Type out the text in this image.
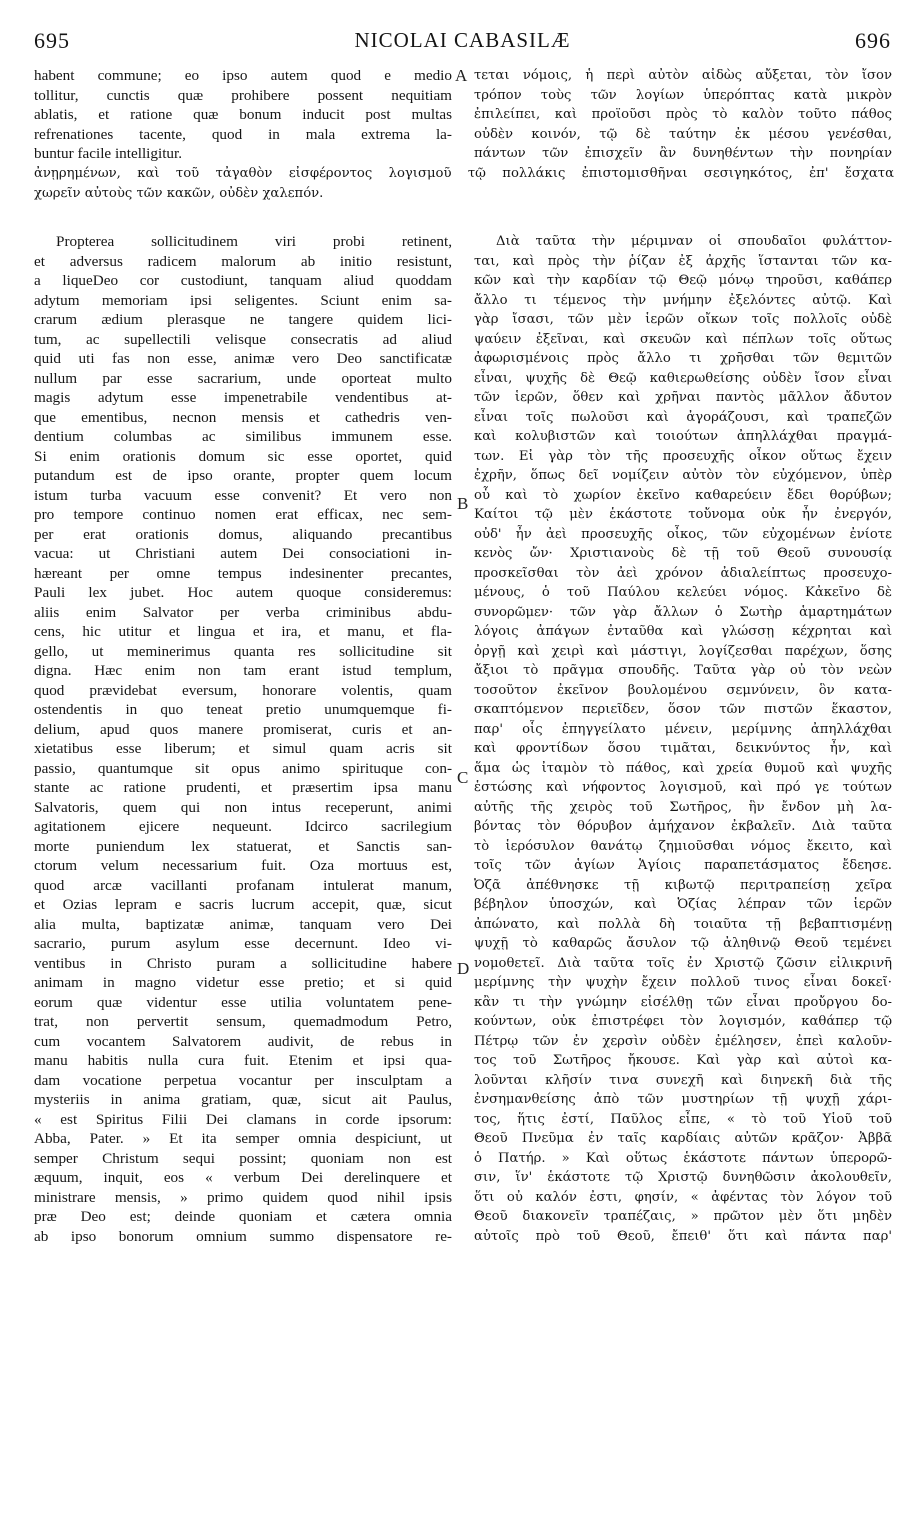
695	NICOLAI CABASILÆ	696
habent commune; eo ipso autem quod e medio
tollitur, cunctis quæ prohibere possent nequitiam
ablatis, et ratione quæ bonum inducit post multas
refrenationes tacente, quod in mala extrema la-
buntur facile intelligitur.
τεται νόμοις, ἡ περὶ αὐτὸν αἰδὼς αὔξεται, τὸν ἴσον
τρόπον τοὺς τῶν λογίων ὑπερόπτας κατὰ μικρὸν
ἐπιλείπει, καὶ προϊοῦσι πρὸς τὸ καλὸν τοῦτο πάθος
οὐδὲν κοινόν, τῷ δὲ ταύτην ἐκ μέσου γενέσθαι,
πάντων τῶν ἐπισχεῖν ἂν δυνηθέντων τὴν πονηρίαν
ἀνῃρημένων, καὶ τοῦ τἀγαθὸν εἰσφέροντος λογισμοῦ τῷ πολλάκις ἐπιστομισθῆναι σεσιγηκότος, ἐπ' ἔσχατα
χωρεῖν αὐτοὺς τῶν κακῶν, οὐδὲν χαλεπόν.
Propterea sollicitudinem viri probi retinent,
et adversus radicem malorum ab initio resistunt,
a liqueDeo cor custodiunt, tanquam aliud quoddam
adytum memoriam ipsi seligentes. Sciunt enim sa-
crarum ædium plerasque ne tangere quidem lici-
tum, ac supellectili velisque consecratis ad aliud
quid uti fas non esse, animæ vero Deo sanctificatæ
nullum par esse sacrarium, unde oporteat multo
magis adytum esse impenetrabile vendentibus at-
que ementibus, necnon mensis et cathedris ven-
dentium columbas ac similibus immunem esse.
Si enim orationis domum sic esse oportet, quid
putandum est de ipso orante, propter quem locum
istum turba vacuum esse convenit? Et vero non
pro tempore continuo nomen erat efficax, nec sem-
per erat orationis domus, aliquando precantibus
vacua: ut Christiani autem Dei consociationi in-
hæreant per omne tempus indesinenter precantes,
Pauli lex jubet. Hoc autem quoque consideremus:
aliis enim Salvator per verba criminibus abdu-
cens, hic utitur et lingua et ira, et manu, et fla-
gello, ut meminerimus quanta res sollicitudine sit
digna. Hæc enim non tam erant istud templum,
quod prævidebat eversum, honorare volentis, quam
ostendentis in quo teneat pretio unumquemque fi-
delium, apud quos manere promiserat, curis et an-
xietatibus esse liberum; et simul quam acris sit
passio, quantumque sit opus animo spirituque con-
stante ac ratione prudenti, et præsertim ipsa manu
Salvatoris, quem qui non intus receperunt, animi
agitationem ejicere nequeunt. Idcirco sacrilegium
morte puniendum lex statuerat, et Sanctis san-
ctorum velum necessarium fuit. Oza mortuus est,
quod arcæ vacillanti profanam intulerat manum,
et Ozias lepram e sacris lucrum accepit, quæ, sicut
alia multa, baptizatæ animæ, tanquam vero Dei
sacrario, purum asylum esse decernunt. Ideo vi-
ventibus in Christo puram a sollicitudine habere
animam in magno videtur esse pretio; et si quid
eorum quæ videntur esse utilia voluntatem pene-
trat, non pervertit sensum, quemadmodum Petro,
cum vocantem Salvatorem audivit, de rebus in
manu habitis nulla cura fuit. Etenim et ipsi qua-
dam vocatione perpetua vocantur per insculptam a
mysteriis in anima gratiam, quæ, sicut ait Paulus,
« est Spiritus Filii Dei clamans in corde ipsorum:
Abba, Pater. » Et ita semper omnia despiciunt, ut
semper Christum sequi possint; quoniam non est
æquum, inquit, eos « verbum Dei derelinquere et
ministrare mensis, » primo quidem quod nihil ipsis
præ Deo est; deinde quoniam et cætera omnia
ab ipso bonorum omnium summo dispensatore re-
Διὰ ταῦτα τὴν μέριμναν οἱ σπουδαῖοι φυλάττον-
ται, καὶ πρὸς τὴν ῥίζαν ἐξ ἀρχῆς ἵστανται τῶν κα-
κῶν καὶ τὴν καρδίαν τῷ Θεῷ μόνῳ τηροῦσι, καθάπερ
ἄλλο τι τέμενος τὴν μνήμην ἐξελόντες αὐτῷ. Καὶ
γὰρ ἴσασι, τῶν μὲν ἱερῶν οἴκων τοῖς πολλοῖς οὐδὲ
ψαύειν ἐξεῖναι, καὶ σκευῶν καὶ πέπλων τοῖς οὕτως
ἀφωρισμένοις πρὸς ἄλλο τι χρῆσθαι τῶν θεμιτῶν
εἶναι, ψυχῆς δὲ Θεῷ καθιερωθείσης οὐδὲν ἴσον εἶναι
τῶν ἱερῶν, ὅθεν καὶ χρῆναι παντὸς μᾶλλον ἄδυτον
εἶναι τοῖς πωλοῦσι καὶ ἀγοράζουσι, καὶ τραπεζῶν
καὶ κολυβιστῶν καὶ τοιούτων ἀπηλλάχθαι πραγμά-
των. Εἰ γὰρ τὸν τῆς προσευχῆς οἶκον οὕτως ἔχειν
ἐχρῆν, ὅπως δεῖ νομίζειν αὐτὸν τὸν εὐχόμενον, ὑπὲρ
οὗ καὶ τὸ χωρίον ἐκεῖνο καθαρεύειν ἔδει θορύβων;
Καίτοι τῷ μὲν ἑκάστοτε τοὔνομα οὐκ ἦν ἐνεργόν,
οὐδ' ἦν ἀεὶ προσευχῆς οἶκος, τῶν εὐχομένων ἐνίοτε
κενὸς ὤν· Χριστιανοὺς δὲ τῇ τοῦ Θεοῦ συνουσίᾳ
προσκεῖσθαι τὸν ἀεὶ χρόνον ἀδιαλείπτως προσευχο-
μένους, ὁ τοῦ Παύλου κελεύει νόμος. Κἀκεῖνο δὲ
συνορῶμεν· τῶν γὰρ ἄλλων ὁ Σωτὴρ ἁμαρτημάτων
λόγοις ἀπάγων ἐνταῦθα καὶ γλώσσῃ κέχρηται καὶ
ὀργῇ καὶ χειρὶ καὶ μάστιγι, λογίζεσθαι παρέχων, ὅσης
ἄξιοι τὸ πρᾶγμα σπουδῆς. Ταῦτα γὰρ οὐ τὸν νεὼν
τοσοῦτον ἐκεῖνον βουλομένου σεμνύνειν, ὃν κατα-
σκαπτόμενον περιεῖδεν, ὅσον τῶν πιστῶν ἕκαστον,
παρ' οἷς ἐπηγγείλατο μένειν, μερίμνης ἀπηλλάχθαι
καὶ φροντίδων ὅσου τιμᾶται, δεικνύντος ἦν, καὶ
ἅμα ὡς ἰταμὸν τὸ πάθος, καὶ χρεία θυμοῦ καὶ ψυχῆς
ἑστώσης καὶ νήφοντος λογισμοῦ, καὶ πρό γε τούτων
αὐτῆς τῆς χειρὸς τοῦ Σωτῆρος, ἣν ἔνδον μὴ λα-
βόντας τὸν θόρυβον ἀμήχανον ἐκβαλεῖν. Διὰ ταῦτα
τὸ ἱερόσυλον θανάτῳ ζημιοῦσθαι νόμος ἔκειτο, καὶ
τοῖς τῶν ἁγίων Ἁγίοις παραπετάσματος ἔδεησε.
Ὀζᾶ ἀπέθνησκε τῇ κιβωτῷ περιτραπείσῃ χεῖρα
βέβηλον ὑποσχών, καὶ Ὀζίας λέπραν τῶν ἱερῶν
ἀπώνατο, καὶ πολλὰ δὴ τοιαῦτα τῇ βεβαπτισμένῃ
ψυχῇ τὸ καθαρῶς ἄσυλον τῷ ἀληθινῷ Θεοῦ τεμένει
νομοθετεῖ. Διὰ ταῦτα τοῖς ἐν Χριστῷ ζῶσιν εἰλικρινῆ
μερίμνης τὴν ψυχὴν ἔχειν πολλοῦ τινος εἶναι δοκεῖ·
κἂν τι τὴν γνώμην εἰσέλθῃ τῶν εἶναι προὔργου δο-
κούντων, οὐκ ἐπιστρέφει τὸν λογισμόν, καθάπερ τῷ
Πέτρῳ τῶν ἐν χερσὶν οὐδὲν ἐμέλησεν, ἐπεὶ καλοῦν-
τος τοῦ Σωτῆρος ἤκουσε. Καὶ γὰρ καὶ αὐτοὶ κα-
λοῦνται κλῆσίν τινα συνεχῆ καὶ διηνεκῆ διὰ τῆς
ἐνσημανθείσης ἀπὸ τῶν μυστηρίων τῇ ψυχῇ χάρι-
τος, ἥτις ἐστί, Παῦλος εἶπε, « τὸ τοῦ Υἱοῦ τοῦ
Θεοῦ Πνεῦμα ἐν ταῖς καρδίαις αὐτῶν κρᾶζον· Ἀββᾶ
ὁ Πατήρ. » Καὶ οὕτως ἑκάστοτε πάντων ὑπερορῶ-
σιν, ἵν' ἑκάστοτε τῷ Χριστῷ δυνηθῶσιν ἀκολουθεῖν,
ὅτι οὐ καλόν ἐστι, φησίν, « ἀφέντας τὸν λόγον τοῦ
Θεοῦ διακονεῖν τραπέζαις, » πρῶτον μὲν ὅτι μηδὲν
αὐτοῖς πρὸ τοῦ Θεοῦ, ἔπειθ' ὅτι καὶ πάντα παρ'
A
B
C
D
